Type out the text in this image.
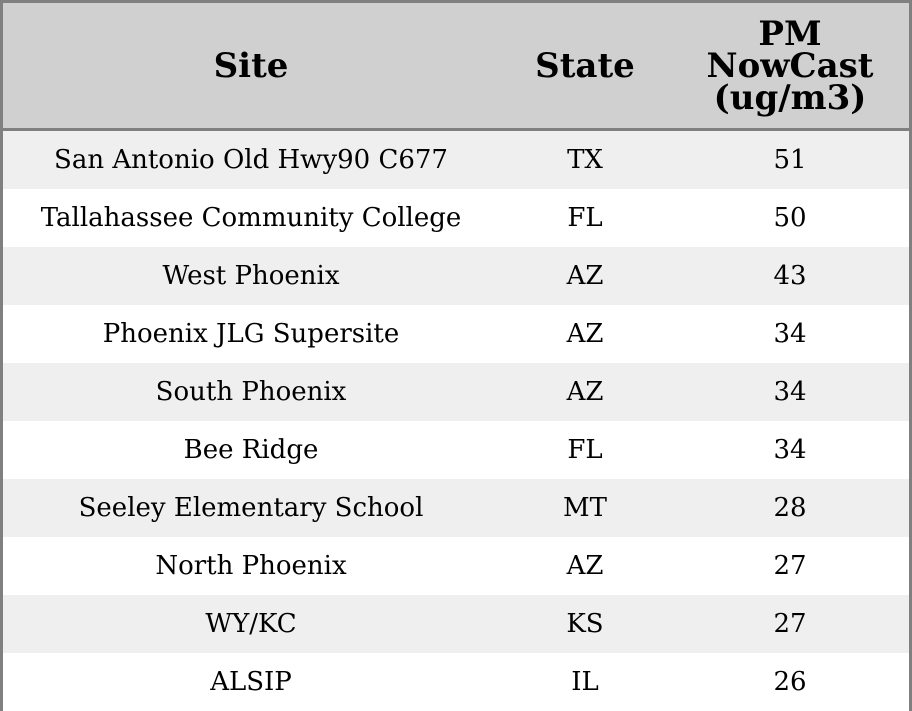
Site	State	PM
NowCast
(ug/m3)

San Antonio Old Hwy90 C677	TX	51
Tallahassee Community College	FL	50
West Phoenix	AZ	43
Phoenix JLG Supersite	AZ	34
South Phoenix	AZ	34
Bee Ridge	FL	34
Seeley Elementary School	MT	28
North Phoenix	AZ	27
WY/KC	KS	27
ALSIP	IL	26
